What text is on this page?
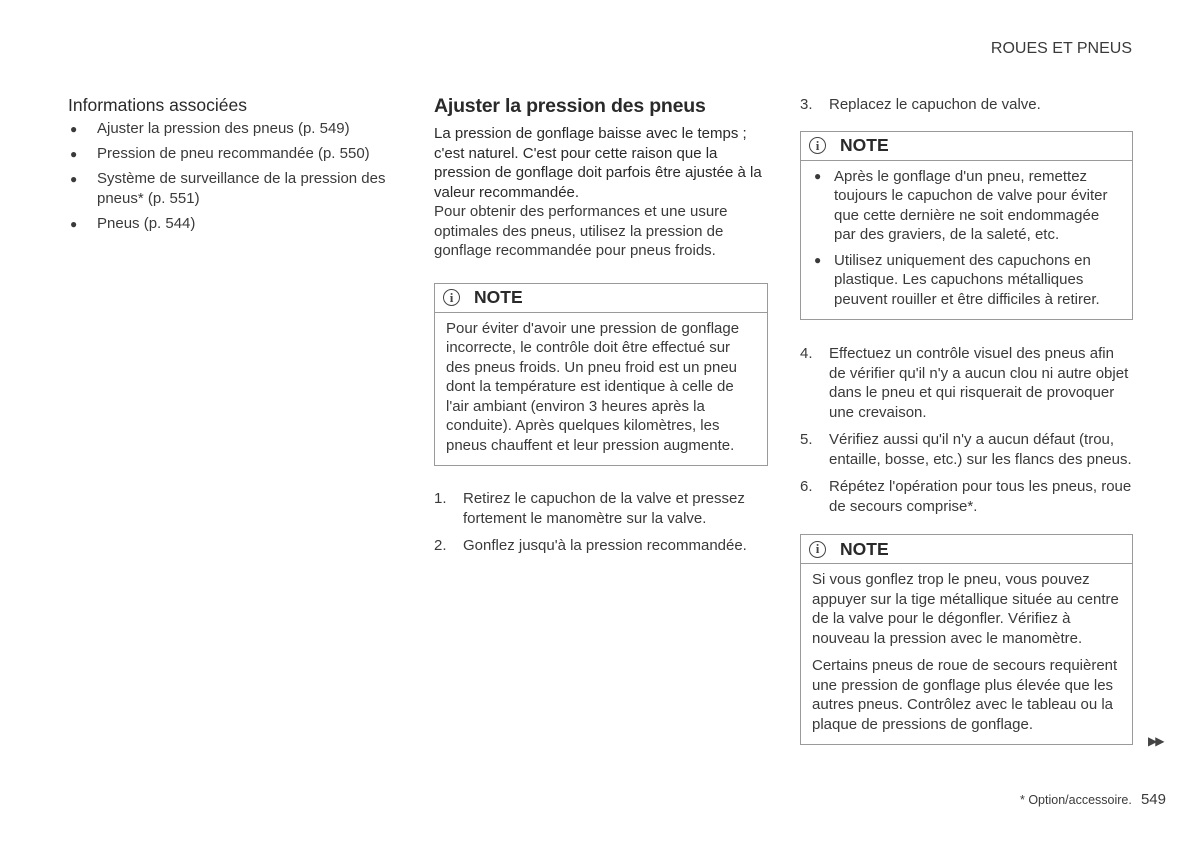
ROUES ET PNEUS
Informations associées
● Ajuster la pression des pneus (p. 549)
● Pression de pneu recommandée (p. 550)
● Système de surveillance de la pression des pneus* (p. 551)
● Pneus (p. 544)
Ajuster la pression des pneus

La pression de gonflage baisse avec le temps ; c'est naturel. C'est pour cette raison que la pression de gonflage doit parfois être ajustée à la valeur recommandée.

Pour obtenir des performances et une usure optimales des pneus, utilisez la pression de gonflage recommandée pour pneus froids.

i	NOTE

Pour éviter d'avoir une pression de gonflage incorrecte, le contrôle doit être effectué sur des pneus froids. Un pneu froid est un pneu dont la température est identique à celle de l'air ambiant (environ 3 heures après la conduite). Après quelques kilomètres, les pneus chauffent et leur pression augmente.

1. Retirez le capuchon de la valve et pressez fortement le manomètre sur la valve.
2. Gonflez jusqu'à la pression recommandée.
3. Replacez le capuchon de valve.
i	NOTE
● Après le gonflage d'un pneu, remettez toujours le capuchon de valve pour éviter que cette dernière ne soit endommagée par des graviers, de la saleté, etc.
● Utilisez uniquement des capuchons en plastique. Les capuchons métalliques peuvent rouiller et être difficiles à retirer.
4. Effectuez un contrôle visuel des pneus afin de vérifier qu'il n'y a aucun clou ni autre objet dans le pneu et qui risquerait de provoquer une crevaison.
5. Vérifiez aussi qu'il n'y a aucun défaut (trou, entaille, bosse, etc.) sur les flancs des pneus.
6. Répétez l'opération pour tous les pneus, roue de secours comprise*.
i	NOTE

Si vous gonflez trop le pneu, vous pouvez appuyer sur la tige métallique située au centre de la valve pour le dégonfler. Vérifiez à nouveau la pression avec le manomètre.

Certains pneus de roue de secours requièrent une pression de gonflage plus élevée que les autres pneus. Contrôlez avec le tableau ou la plaque de pressions de gonflage.

▶▶
* Option/accessoire. 549
